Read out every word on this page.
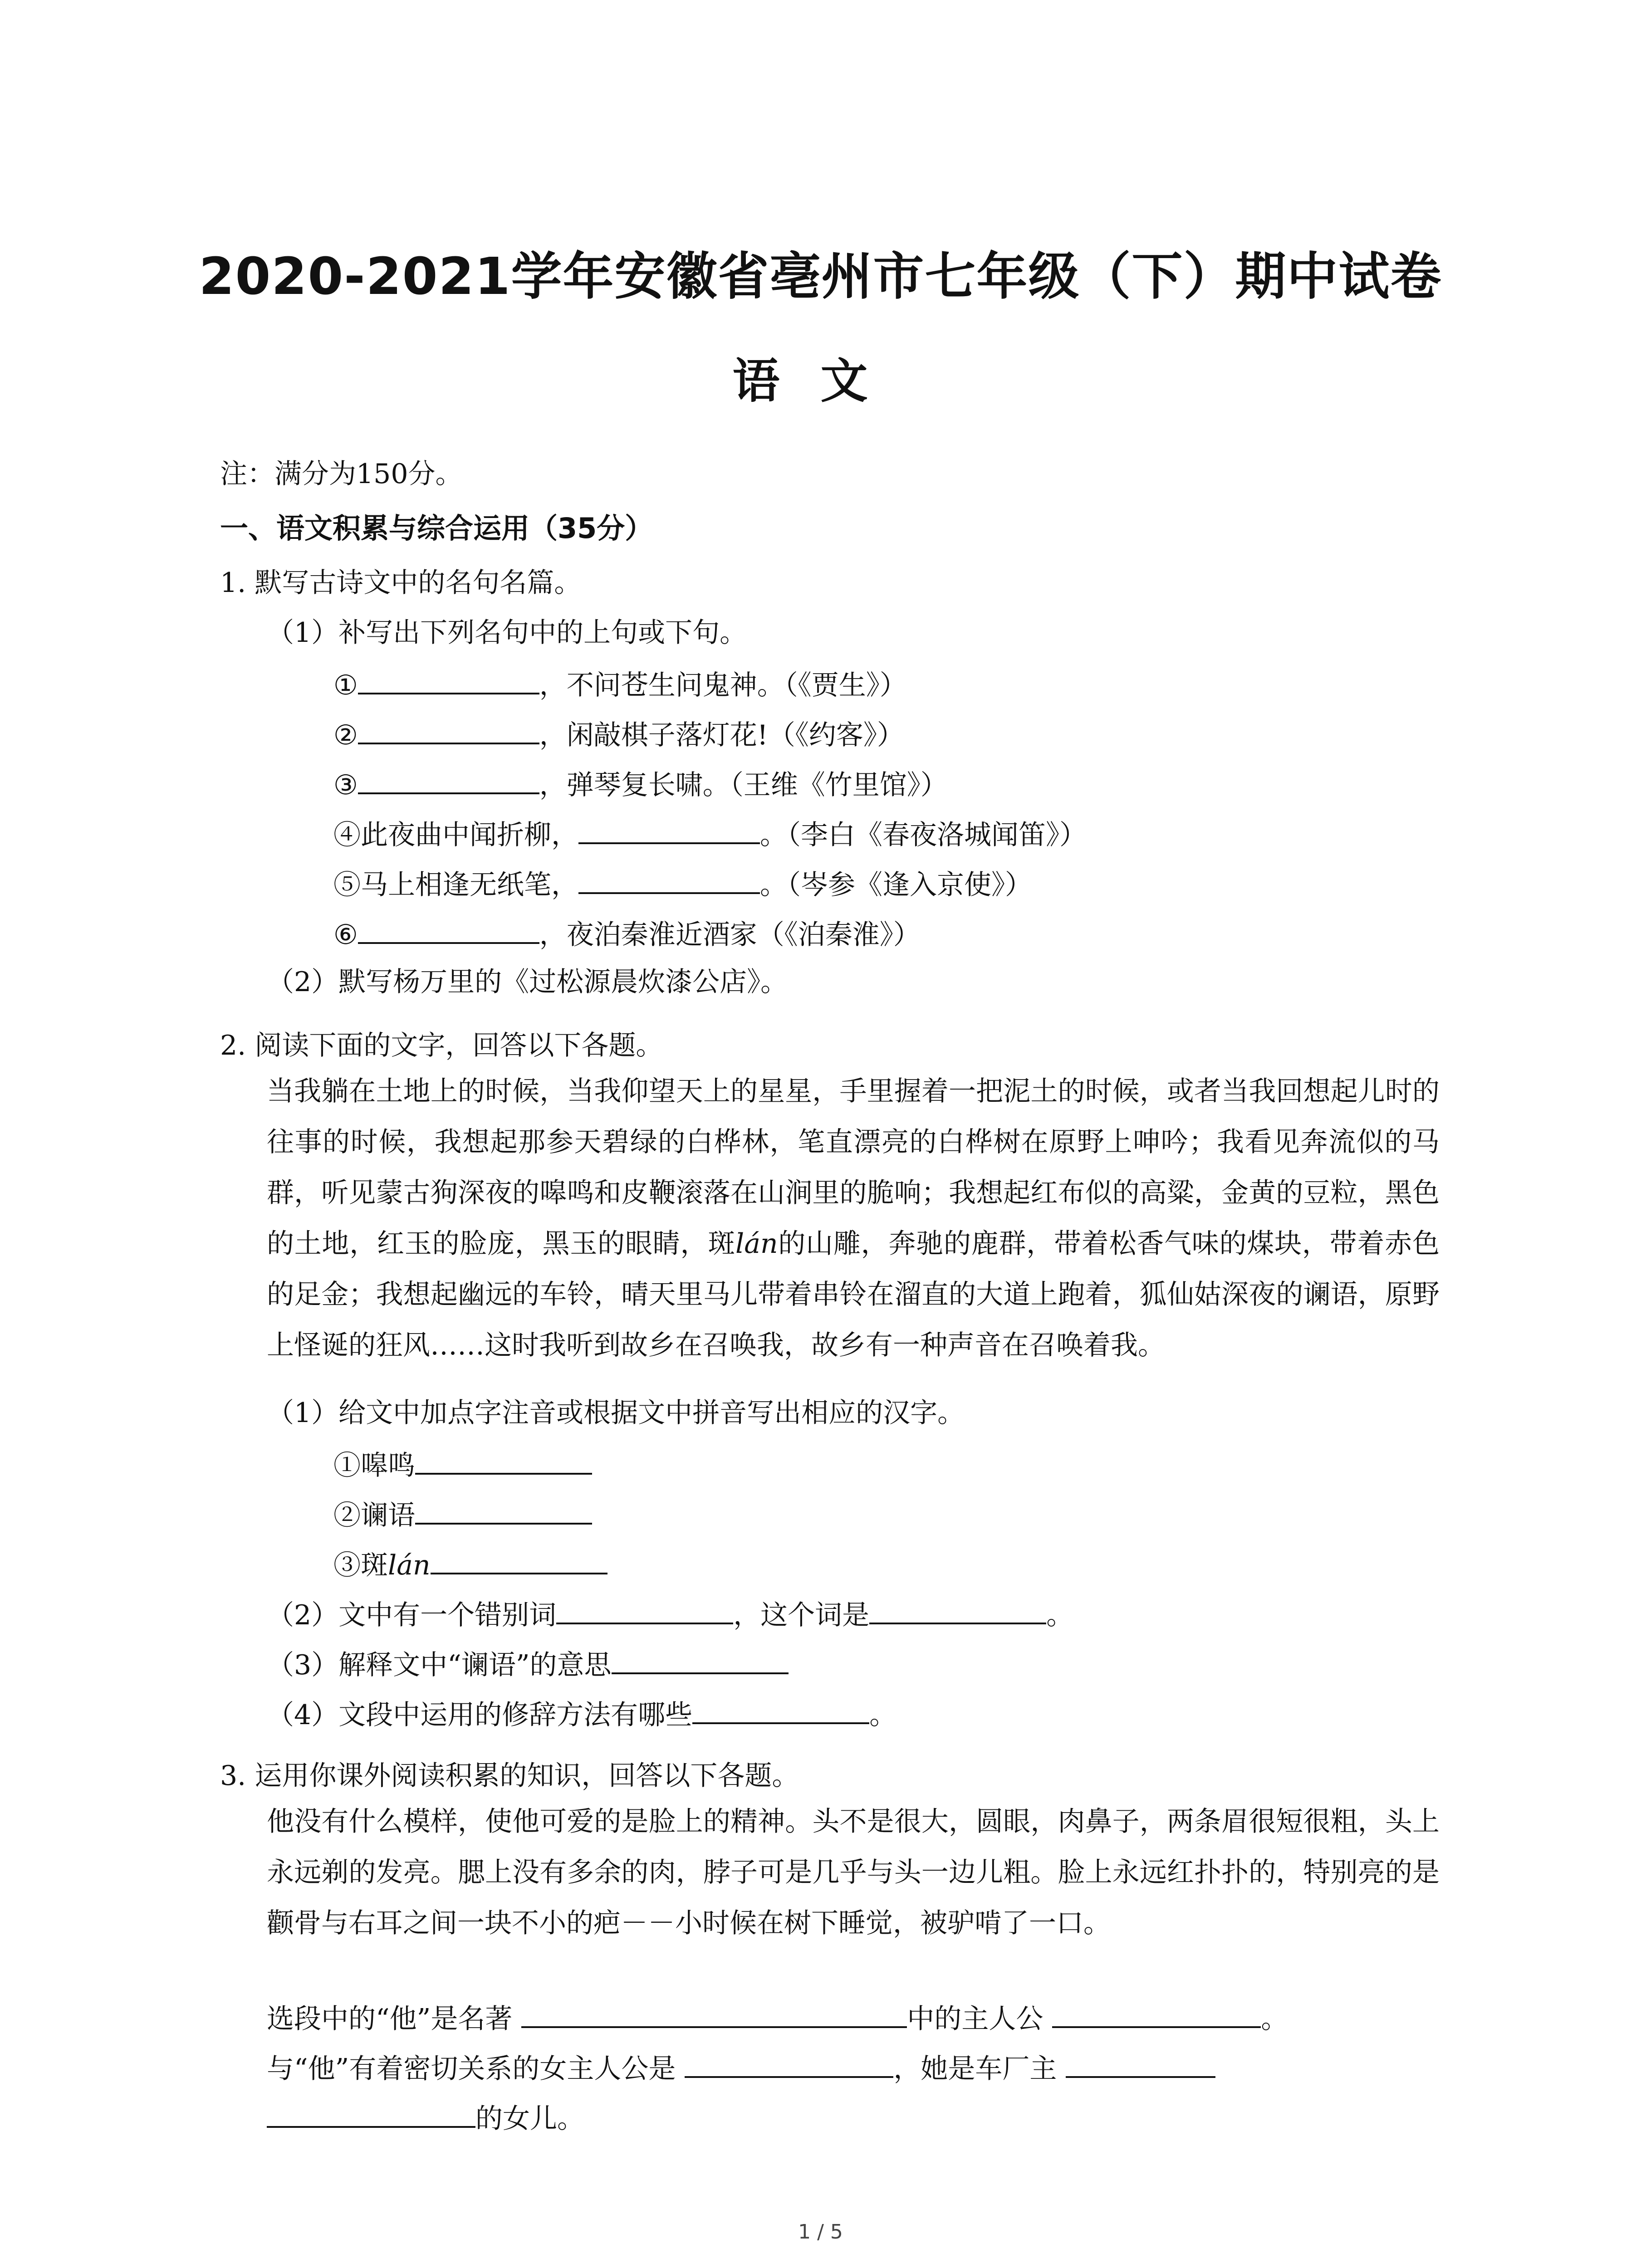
2020-2021学年安徽省亳州市七年级（下）期中试卷
语文
注：满分为150分。
一、语文积累与综合运用（35分）
1. 默写古诗文中的名句名篇。
（1）补写出下列名句中的上句或下句。
①	，不问苍生问鬼神。（《贾生》）
②	，闲敲棋子落灯花!（《约客》）
③	，弹琴复长啸。（王维《竹里馆》）
④此夜曲中闻折柳，	。（李白《春夜洛城闻笛》）
⑤马上相逢无纸笔，	。（岑参《逢入京使》）
⑥	，夜泊秦淮近酒家（《泊秦淮》）
（2）默写杨万里的《过松源晨炊漆公店》。
2. 阅读下面的文字，回答以下各题。
当我躺在土地上的时候，当我仰望天上的星星，手里握着一把泥土的时候，或者当我回想起儿时的往事的时候，我想起那参天碧绿的白桦林，笔直漂亮的白桦树在原野上呻吟；我看见奔流似的马群，听见蒙古狗深夜的嗥鸣和皮鞭滚落在山涧里的脆响；我想起红布似的高粱，金黄的豆粒，黑色的土地，红玉的脸庞，黑玉的眼睛，斑lán的山雕，奔驰的鹿群，带着松香气味的煤块，带着赤色的足金；我想起幽远的车铃，晴天里马儿带着串铃在溜直的大道上跑着，狐仙姑深夜的谰语，原野上怪诞的狂风……这时我听到故乡在召唤我，故乡有一种声音在召唤着我。
（1）给文中加点字注音或根据文中拼音写出相应的汉字。
①嗥鸣
②谰语
③斑lán
（2）文中有一个错别词	，这个词是	。
（3）解释文中“谰语”的意思
（4）文段中运用的修辞方法有哪些	。
3. 运用你课外阅读积累的知识，回答以下各题。
他没有什么模样，使他可爱的是脸上的精神。头不是很大，圆眼，肉鼻子，两条眉很短很粗，头上永远剃的发亮。腮上没有多余的肉，脖子可是几乎与头一边儿粗。脸上永远红扑扑的，特别亮的是颧骨与右耳之间一块不小的疤－－小时候在树下睡觉，被驴啃了一口。
选段中的“他”是名著	中的主人公	。
与“他”有着密切关系的女主人公是	，她是车厂主
的女儿。
1 / 5
